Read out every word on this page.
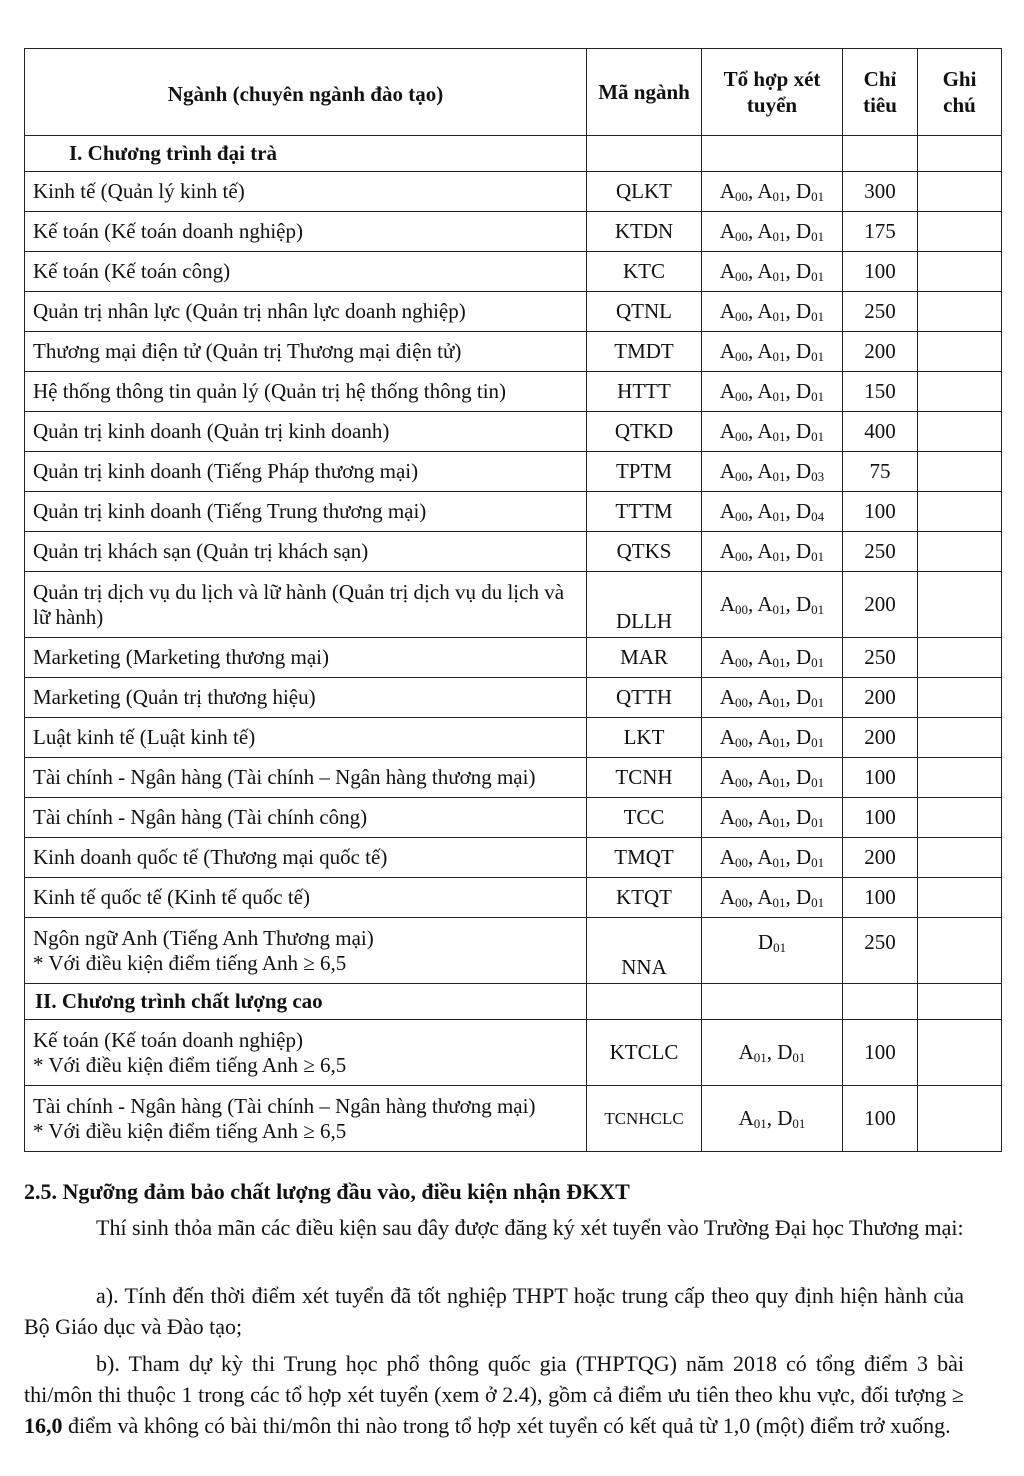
Ngành (chuyên ngành đào tạo)	Mã ngành	Tổ hợp xét tuyển	Chỉ tiêu	Ghi chú
I. Chương trình đại trà				
Kinh tế (Quản lý kinh tế)	QLKT	$A_{00}$, $A_{01}$, $D_{01}$	300	
Kế toán (Kế toán doanh nghiệp)	KTDN	$A_{00}$, $A_{01}$, $D_{01}$	175	
Kế toán (Kế toán công)	KTC	$A_{00}$, $A_{01}$, $D_{01}$	100	
Quản trị nhân lực (Quản trị nhân lực doanh nghiệp)	QTNL	$A_{00}$, $A_{01}$, $D_{01}$	250	
Thương mại điện tử (Quản trị Thương mại điện tử)	TMDT	$A_{00}$, $A_{01}$, $D_{01}$	200	
Hệ thống thông tin quản lý (Quản trị hệ thống thông tin)	HTTT	$A_{00}$, $A_{01}$, $D_{01}$	150	
Quản trị kinh doanh (Quản trị kinh doanh)	QTKD	$A_{00}$, $A_{01}$, $D_{01}$	400	
Quản trị kinh doanh (Tiếng Pháp thương mại)	TPTM	$A_{00}$, $A_{01}$, $D_{03}$	75	
Quản trị kinh doanh (Tiếng Trung thương mại)	TTTM	$A_{00}$, $A_{01}$, $D_{04}$	100	
Quản trị khách sạn (Quản trị khách sạn)	QTKS	$A_{00}$, $A_{01}$, $D_{01}$	250	
Quản trị dịch vụ du lịch và lữ hành (Quản trị dịch vụ du lịch và lữ hành)	DLLH	$A_{00}$, $A_{01}$, $D_{01}$	200	
Marketing (Marketing thương mại)	MAR	$A_{00}$, $A_{01}$, $D_{01}$	250	
Marketing (Quản trị thương hiệu)	QTTH	$A_{00}$, $A_{01}$, $D_{01}$	200	
Luật kinh tế (Luật kinh tế)	LKT	$A_{00}$, $A_{01}$, $D_{01}$	200	
Tài chính - Ngân hàng (Tài chính – Ngân hàng thương mại)	TCNH	$A_{00}$, $A_{01}$, $D_{01}$	100	
Tài chính - Ngân hàng (Tài chính công)	TCC	$A_{00}$, $A_{01}$, $D_{01}$	100	
Kinh doanh quốc tế (Thương mại quốc tế)	TMQT	$A_{00}$, $A_{01}$, $D_{01}$	200	
Kinh tế quốc tế (Kinh tế quốc tế)	KTQT	$A_{00}$, $A_{01}$, $D_{01}$	100	

Ngôn ngữ Anh (Tiếng Anh Thương mại)
* Với điều kiện điểm tiếng Anh ≥ 6,5	NNA	$D_{01}$	250	
II. Chương trình chất lượng cao				

Kế toán (Kế toán doanh nghiệp)
* Với điều kiện điểm tiếng Anh ≥ 6,5	KTCLC	$A_{01}$, $D_{01}$	100	

Tài chính - Ngân hàng (Tài chính – Ngân hàng thương mại)
* Với điều kiện điểm tiếng Anh ≥ 6,5	TCNHCLC	$A_{01}$, $D_{01}$	100	
2.5. Ngưỡng đảm bảo chất lượng đầu vào, điều kiện nhận ĐKXT
Thí sinh thỏa mãn các điều kiện sau đây được đăng ký xét tuyển vào Trường Đại học Thương mại:
a). Tính đến thời điểm xét tuyển đã tốt nghiệp THPT hoặc trung cấp theo quy định hiện hành của Bộ Giáo dục và Đào tạo;
b). Tham dự kỳ thi Trung học phổ thông quốc gia (THPTQG) năm 2018 có tổng điểm 3 bài thi/môn thi thuộc 1 trong các tổ hợp xét tuyển (xem ở 2.4), gồm cả điểm ưu tiên theo khu vực, đối tượng ≥ 16,0 điểm và không có bài thi/môn thi nào trong tổ hợp xét tuyển có kết quả từ 1,0 (một) điểm trở xuống.
